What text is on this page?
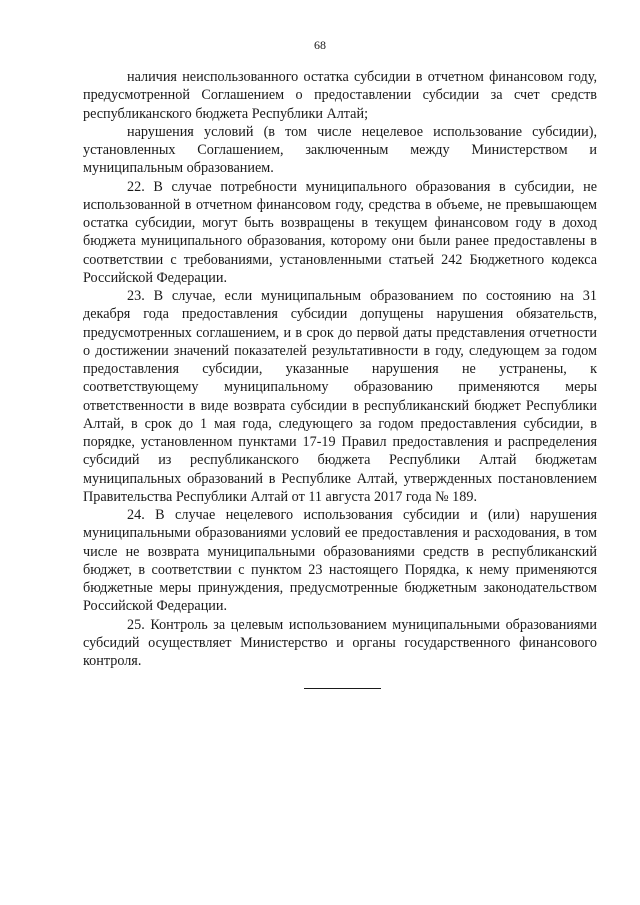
68

наличия неиспользованного остатка субсидии в отчетном финансовом году, предусмотренной Соглашением о предоставлении субсидии за счет средств республиканского бюджета Республики Алтай;

нарушения условий (в том числе нецелевое использование субсидии), установленных Соглашением, заключенным между Министерством и муниципальным образованием.

22. В случае потребности муниципального образования в субсидии, не использованной в отчетном финансовом году, средства в объеме, не превышающем остатка субсидии, могут быть возвращены в текущем финансовом году в доход бюджета муниципального образования, которому они были ранее предоставлены в соответствии с требованиями, установленными статьей 242 Бюджетного кодекса Российской Федерации.

23. В случае, если муниципальным образованием по состоянию на 31 декабря года предоставления субсидии допущены нарушения обязательств, предусмотренных соглашением, и в срок до первой даты представления отчетности о достижении значений показателей результативности в году, следующем за годом предоставления субсидии, указанные нарушения не устранены, к соответствующему муниципальному образованию применяются меры ответственности в виде возврата субсидии в республиканский бюджет Республики Алтай, в срок до 1 мая года, следующего за годом предоставления субсидии, в порядке, установленном пунктами 17-19 Правил предоставления и распределения субсидий из республиканского бюджета Республики Алтай бюджетам муниципальных образований в Республике Алтай, утвержденных постановлением Правительства Республики Алтай от 11 августа 2017 года № 189.

24. В случае нецелевого использования субсидии и (или) нарушения муниципальными образованиями условий ее предоставления и расходования, в том числе не возврата муниципальными образованиями средств в республиканский бюджет, в соответствии с пунктом 23 настоящего Порядка, к нему применяются бюджетные меры принуждения, предусмотренные бюджетным законодательством Российской Федерации.

25. Контроль за целевым использованием муниципальными образованиями субсидий осуществляет Министерство и органы государственного финансового контроля.
